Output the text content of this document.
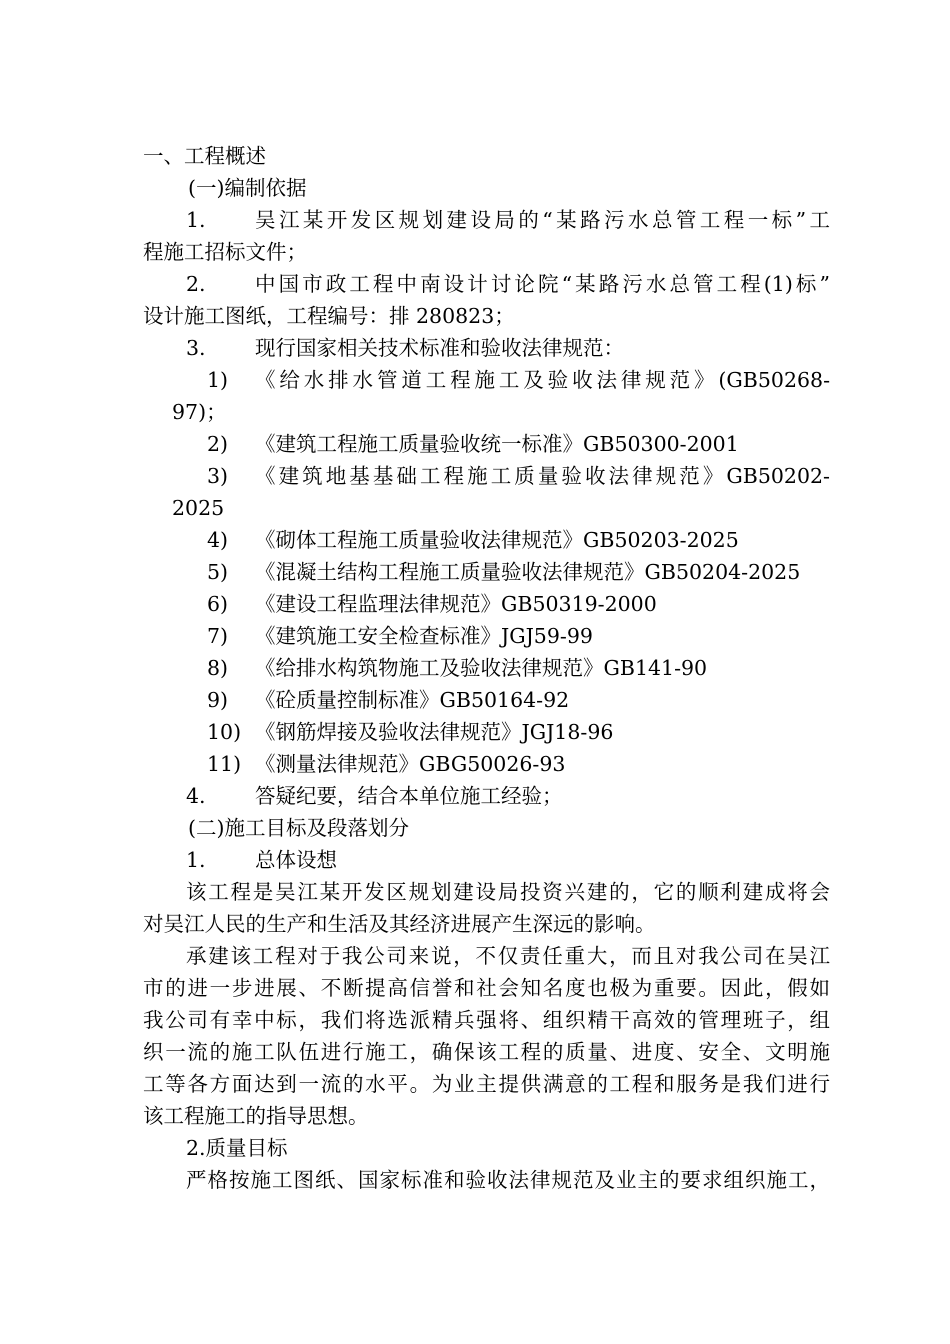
一、工程概述
(一)编制依据
1. 吴江某开发区规划建设局的“某路污水总管工程一标”工
程施工招标文件；
2. 中国市政工程中南设计讨论院“某路污水总管工程(1)标”
设计施工图纸，工程编号：排 280823；
3. 现行国家相关技术标准和验收法律规范：
1) 《给水排水管道工程施工及验收法律规范》(GB50268-
97)；
2) 《建筑工程施工质量验收统一标准》GB50300-2001
3) 《建筑地基基础工程施工质量验收法律规范》GB50202-
2025
4) 《砌体工程施工质量验收法律规范》GB50203-2025
5) 《混凝土结构工程施工质量验收法律规范》GB50204-2025
6) 《建设工程监理法律规范》GB50319-2000
7) 《建筑施工安全检查标准》JGJ59-99
8) 《给排水构筑物施工及验收法律规范》GB141-90
9) 《砼质量控制标准》GB50164-92
10) 《钢筋焊接及验收法律规范》JGJ18-96
11) 《测量法律规范》GBG50026-93
4. 答疑纪要，结合本单位施工经验；
(二)施工目标及段落划分
1. 总体设想
该工程是吴江某开发区规划建设局投资兴建的，它的顺利建成将会
对吴江人民的生产和生活及其经济进展产生深远的影响。
承建该工程对于我公司来说，不仅责任重大，而且对我公司在吴江
市的进一步进展、不断提高信誉和社会知名度也极为重要。因此，假如
我公司有幸中标，我们将选派精兵强将、组织精干高效的管理班子，组
织一流的施工队伍进行施工，确保该工程的质量、进度、安全、文明施
工等各方面达到一流的水平。为业主提供满意的工程和服务是我们进行
该工程施工的指导思想。
2.质量目标
严格按施工图纸、国家标准和验收法律规范及业主的要求组织施工，
